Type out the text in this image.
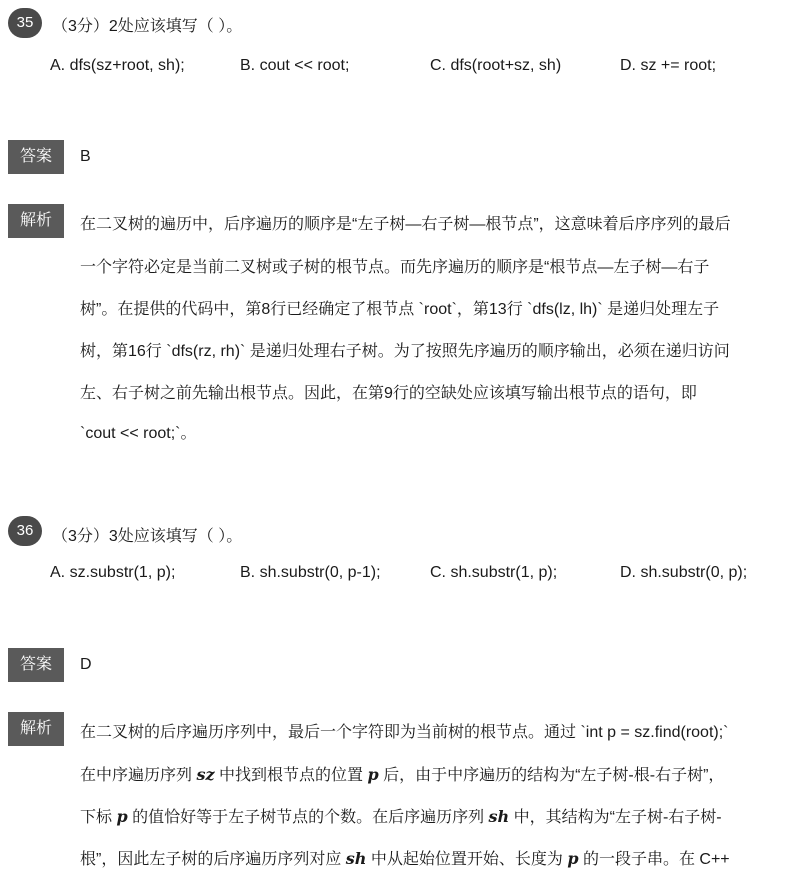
35	（3分）2处应该填写（ ）。
A. dfs(sz+root, sh);	B. cout << root;	C. dfs(root+sz, sh)	D. sz += root;
答案	B
解析	在二叉树的遍历中，后序遍历的顺序是“左子树—右子树—根节点”，这意味着后序序列的最后
一个字符必定是当前二叉树或子树的根节点。而先序遍历的顺序是“根节点—左子树—右子
树”。在提供的代码中，第8行已经确定了根节点 `root`，第13行 `dfs(lz, lh)` 是递归处理左子
树，第16行 `dfs(rz, rh)` 是递归处理右子树。为了按照先序遍历的顺序输出，必须在递归访问
左、右子树之前先输出根节点。因此，在第9行的空缺处应该填写输出根节点的语句，即
`cout << root;`。
36	（3分）3处应该填写（ ）。
A. sz.substr(1, p);	B. sh.substr(0, p-1);	C. sh.substr(1, p);	D. sh.substr(0, p);
答案	D
解析	在二叉树的后序遍历序列中，最后一个字符即为当前树的根节点。通过 `int p = sz.find(root);`
在中序遍历序列 sz 中找到根节点的位置 p 后，由于中序遍历的结构为“左子树-根-右子树”，
下标 p 的值恰好等于左子树节点的个数。在后序遍历序列 sh 中，其结构为“左子树-右子树-
根”，因此左子树的后序遍历序列对应 sh 中从起始位置开始、长度为 p 的一段子串。在 C++
